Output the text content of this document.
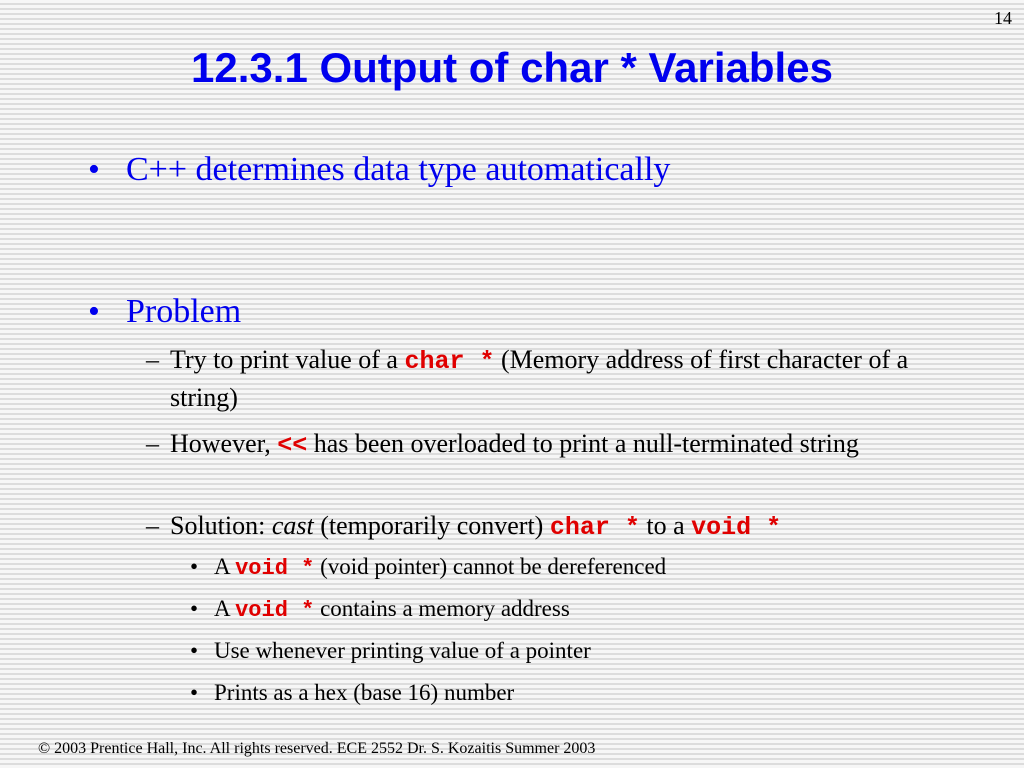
14
12.3.1 Output of char * Variables
• C++ determines data type automatically
• Problem
– Try to print value of a char * (Memory address of first character of a string)
– However, << has been overloaded to print a null-terminated string
– Solution: cast (temporarily convert) char * to a void *
• A void * (void pointer) cannot be dereferenced
• A void * contains a memory address
• Use whenever printing value of a pointer
• Prints as a hex (base 16) number
© 2003 Prentice Hall, Inc. All rights reserved. ECE 2552 Dr. S. Kozaitis Summer 2003
